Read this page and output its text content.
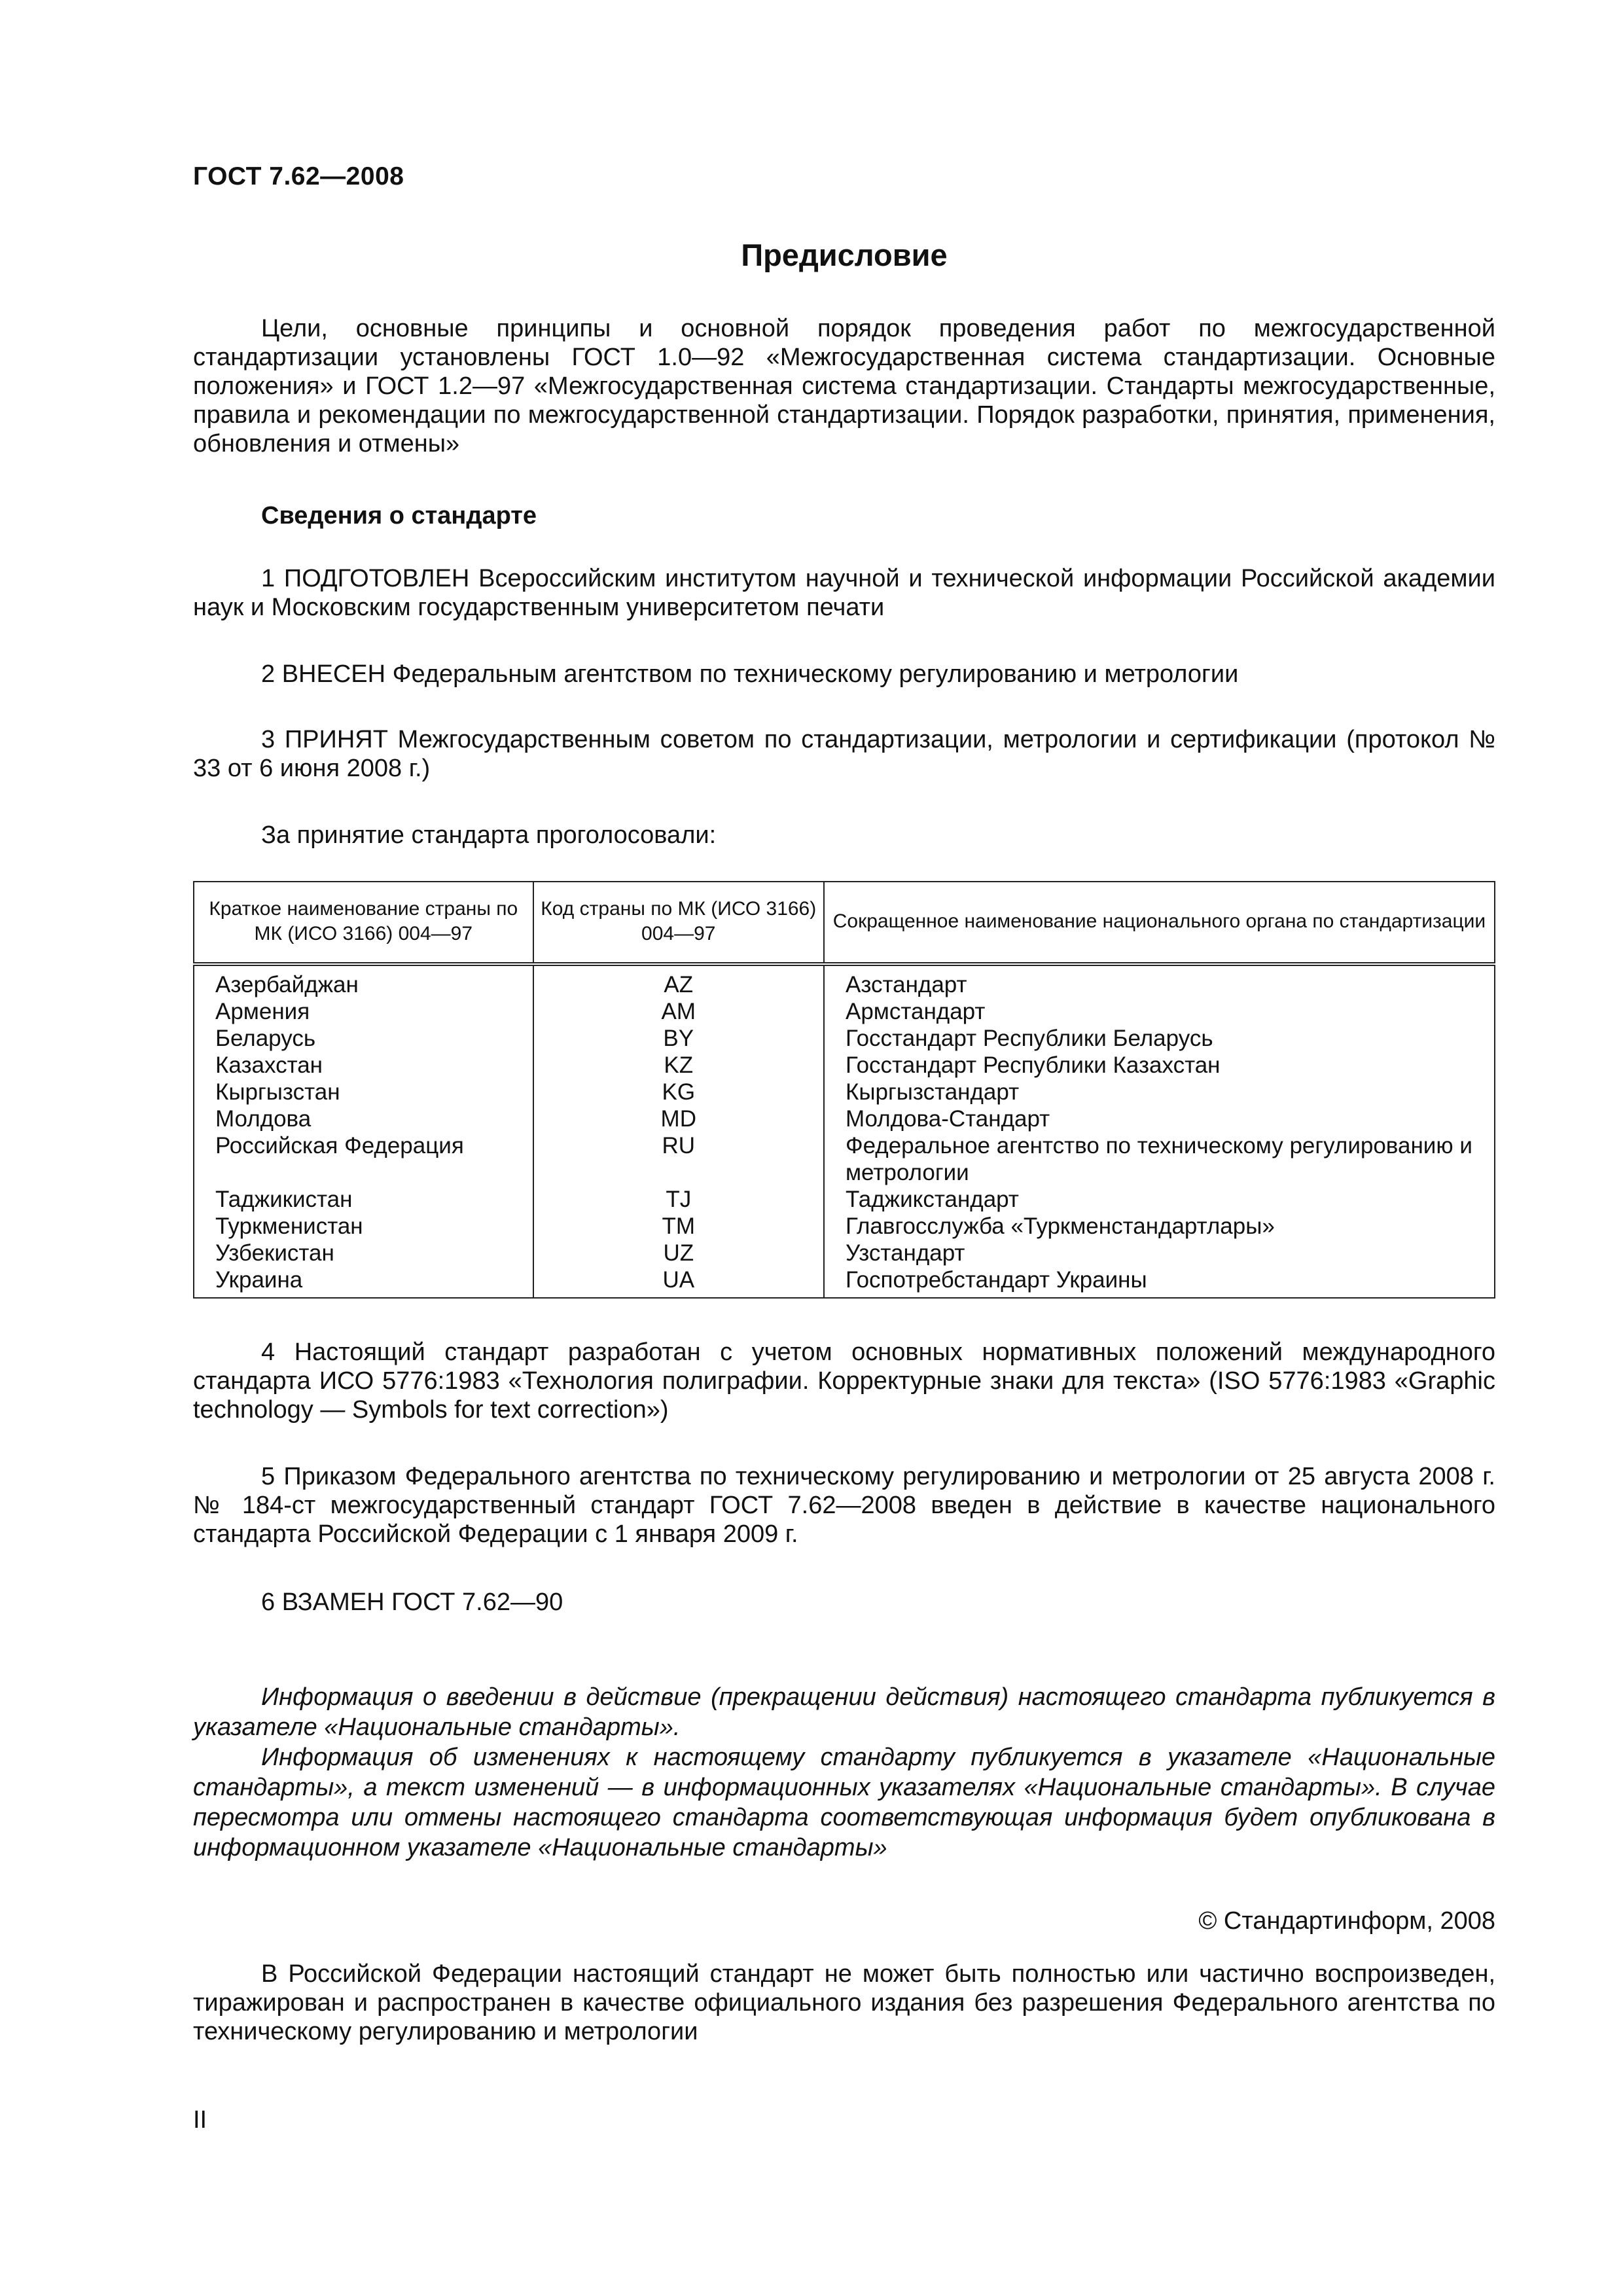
ГОСТ 7.62—2008
Предисловие

Цели, основные принципы и основной порядок проведения работ по межгосударственной стандартизации установлены ГОСТ 1.0—92 «Межгосударственная система стандартизации. Основные положения» и ГОСТ 1.2—97 «Межгосударственная система стандартизации. Стандарты межгосударственные, правила и рекомендации по межгосударственной стандартизации. Порядок разработки, принятия, применения, обновления и отмены»

Сведения о стандарте

1 ПОДГОТОВЛЕН Всероссийским институтом научной и технической информации Российской академии наук и Московским государственным университетом печати

2 ВНЕСЕН Федеральным агентством по техническому регулированию и метрологии

3 ПРИНЯТ Межгосударственным советом по стандартизации, метрологии и сертификации (протокол № 33 от 6 июня 2008 г.)

За принятие стандарта проголосовали:
Краткое наименование страны по МК (ИСО 3166) 004—97	Код страны по МК (ИСО 3166) 004—97	Сокращенное наименование национального органа по стандартизации
Азербайджан	AZ	Азстандарт
Армения	AM	Армстандарт
Беларусь	BY	Госстандарт Республики Беларусь
Казахстан	KZ	Госстандарт Республики Казахстан
Кыргызстан	KG	Кыргызстандарт
Молдова	MD	Молдова-Стандарт
Российская Федерация	RU	Федеральное агентство по техническому регулированию и метрологии
Таджикистан	TJ	Таджикстандарт
Туркменистан	TM	Главгосслужба «Туркменстандартлары»
Узбекистан	UZ	Узстандарт
Украина	UA	Госпотребстандарт Украины

4 Настоящий стандарт разработан с учетом основных нормативных положений международного стандарта ИСО 5776:1983 «Технология полиграфии. Корректурные знаки для текста» (ISO 5776:1983 «Graphic technology — Symbols for text correction»)

5 Приказом Федерального агентства по техническому регулированию и метрологии от 25 августа 2008 г. № 184-ст межгосударственный стандарт ГОСТ 7.62—2008 введен в действие в качестве национального стандарта Российской Федерации с 1 января 2009 г.

6 ВЗАМЕН ГОСТ 7.62—90

Информация о введении в действие (прекращении действия) настоящего стандарта публикуется в указателе «Национальные стандарты».

Информация об изменениях к настоящему стандарту публикуется в указателе «Национальные стандарты», а текст изменений — в информационных указателях «Национальные стандарты». В случае пересмотра или отмены настоящего стандарта соответствующая информация будет опубликована в информационном указателе «Национальные стандарты»

© Стандартинформ, 2008

В Российской Федерации настоящий стандарт не может быть полностью или частично воспроизведен, тиражирован и распространен в качестве официального издания без разрешения Федерального агентства по техническому регулированию и метрологии

II
